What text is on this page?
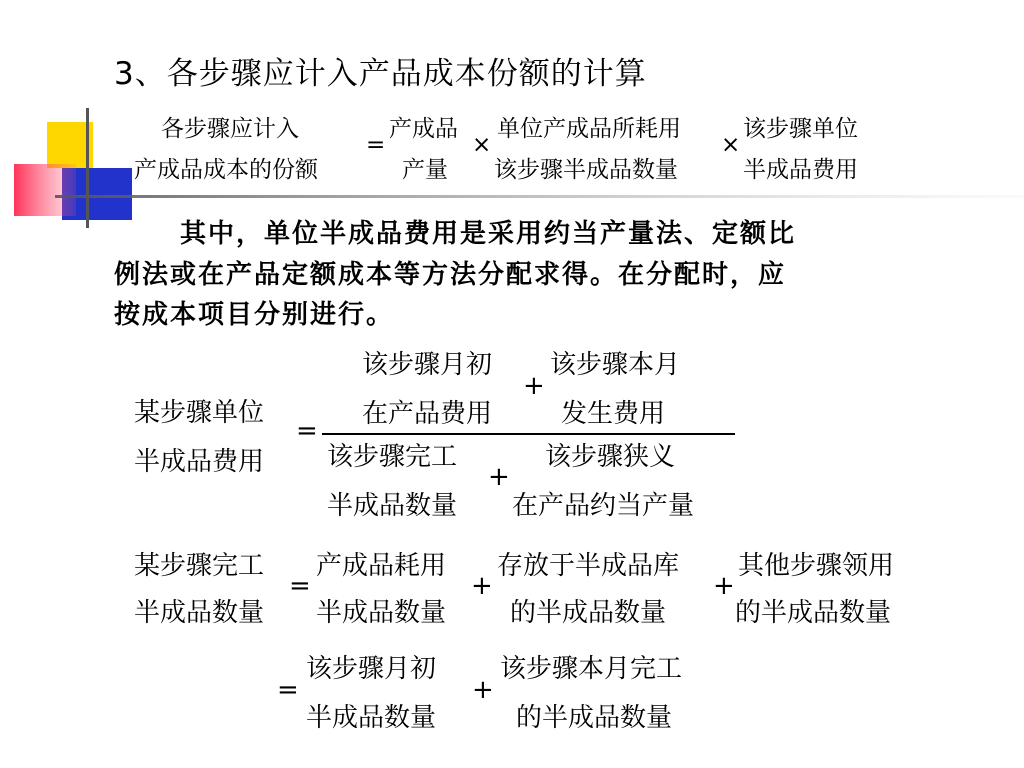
3、各步骤应计入产品成本份额的计算
各步骤应计入
产成品成本的份额
=
产成品
产量
×
单位产成品所耗用
该步骤半成品数量
×
该步骤单位
半成品费用
其中，单位半成品费用是采用约当产量法、定额比
例法或在产品定额成本等方法分配求得。在分配时，应
按成本项目分别进行。
某步骤单位
半成品费用
=
该步骤月初
在产品费用
+
该步骤本月
发生费用
该步骤完工
半成品数量
+
该步骤狭义
在产品约当产量
某步骤完工
半成品数量
=
产成品耗用
半成品数量
+
存放于半成品库
的半成品数量
+
其他步骤领用
的半成品数量
=
该步骤月初
半成品数量
+
该步骤本月完工
的半成品数量
